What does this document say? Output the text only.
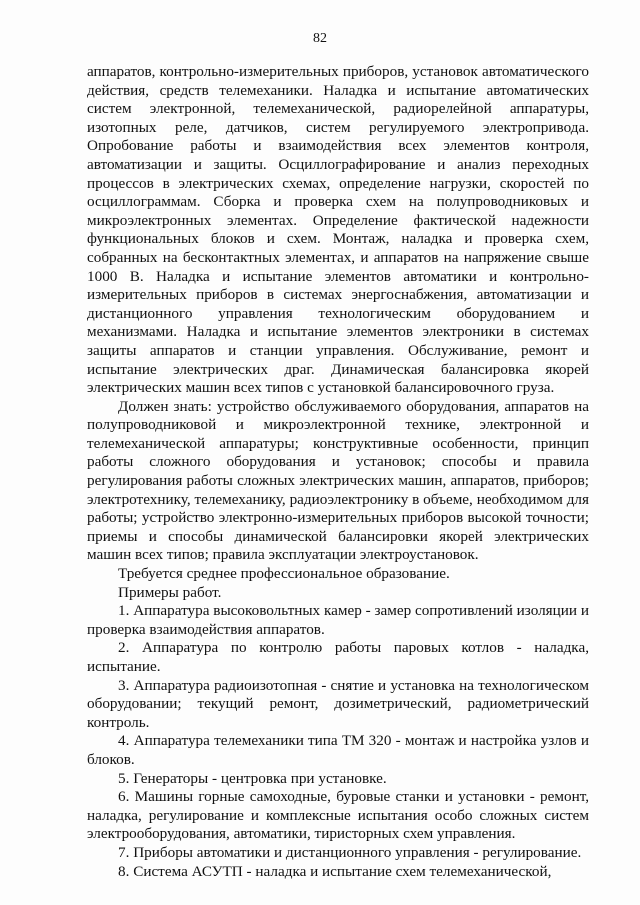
82

аппаратов, контрольно-измерительных приборов, установок автоматического действия, средств телемеханики. Наладка и испытание автоматических систем электронной, телемеханической, радиорелейной аппаратуры, изотопных реле, датчиков, систем регулируемого электропривода. Опробование работы и взаимодействия всех элементов контроля, автоматизации и защиты. Осциллографирование и анализ переходных процессов в электрических схемах, определение нагрузки, скоростей по осциллограммам. Сборка и проверка схем на полупроводниковых и микроэлектронных элементах. Определение фактической надежности функциональных блоков и схем. Монтаж, наладка и проверка схем, собранных на бесконтактных элементах, и аппаратов на напряжение свыше 1000 В. Наладка и испытание элементов автоматики и контрольно-измерительных приборов в системах энергоснабжения, автоматизации и дистанционного управления технологическим оборудованием и механизмами. Наладка и испытание элементов электроники в системах защиты аппаратов и станции управления. Обслуживание, ремонт и испытание электрических драг. Динамическая балансировка якорей электрических машин всех типов с установкой балансировочного груза.

Должен знать: устройство обслуживаемого оборудования, аппаратов на полупроводниковой и микроэлектронной технике, электронной и телемеханической аппаратуры; конструктивные особенности, принцип работы сложного оборудования и установок; способы и правила регулирования работы сложных электрических машин, аппаратов, приборов; электротехнику, телемеханику, радиоэлектронику в объеме, необходимом для работы; устройство электронно-измерительных приборов высокой точности; приемы и способы динамической балансировки якорей электрических машин всех типов; правила эксплуатации электроустановок.

Требуется среднее профессиональное образование.

Примеры работ.

1. Аппаратура высоковольтных камер - замер сопротивлений изоляции и проверка взаимодействия аппаратов.

2. Аппаратура по контролю работы паровых котлов - наладка, испытание.

3. Аппаратура радиоизотопная - снятие и установка на технологическом оборудовании; текущий ремонт, дозиметрический, радиометрический контроль.

4. Аппаратура телемеханики типа ТМ 320 - монтаж и настройка узлов и блоков.

5. Генераторы - центровка при установке.

6. Машины горные самоходные, буровые станки и установки - ремонт, наладка, регулирование и комплексные испытания особо сложных систем электрооборудования, автоматики, тиристорных схем управления.

7. Приборы автоматики и дистанционного управления - регулирование.

8. Система АСУТП - наладка и испытание схем телемеханической,
